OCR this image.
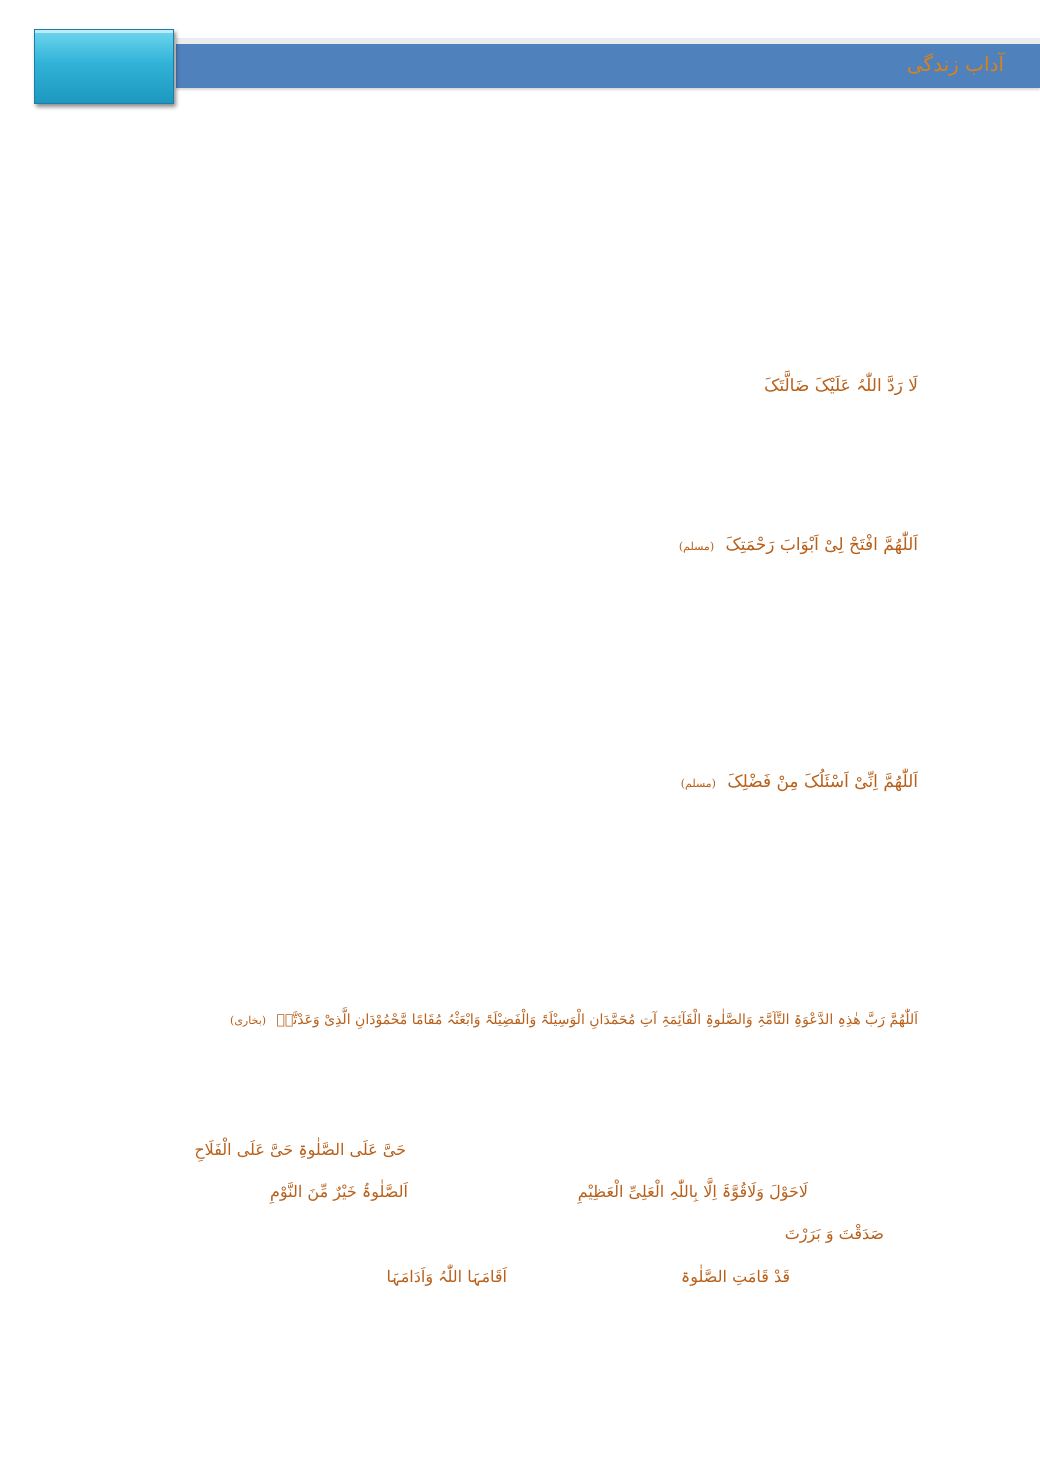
آداب زندگی
لَا رَدَّ اللّٰہُ عَلَیْکَ ضَالَّتَکَ
اَللّٰھُمَّ افْتَحْ لِیْ اَبْوَابَ رَحْمَتِکَ (مسلم)
اَللّٰھُمَّ اِنِّیْ اَسْئَلُکَ مِنْ فَضْلِکَ (مسلم)
اَللّٰھُمَّ رَبَّ ھٰذِہِ الدَّعْوَۃِ التَّآمَّۃِ وَالصَّلٰوۃِ الْقَآئِمَۃِ آتِ مُحَمَّدَانِ الْوَسِیْلَۃَ وَالْفَضِیْلَۃَ وَابْعَثْہُ مُقَامًا مَّحْمُوْدَانِ الَّذِیْ وَعَدْتَّہٗ (بخاری)
حَیَّ عَلَی الصَّلٰوۃِ حَیَّ عَلَی الْفَلَاحِ
لَاحَوْلَ وَلَاقُوَّۃَ اِلَّا بِاللّٰہِ الْعَلِیِّ الْعَظِیْمِ
اَلصَّلٰوۃُ خَیْرٌ مِّنَ النَّوْمِ
صَدَقْتَ وَ بَرَرْتَ
قَدْ قَامَتِ الصَّلٰوۃ
اَقَامَہَا اللّٰہُ وَاَدَامَہَا
